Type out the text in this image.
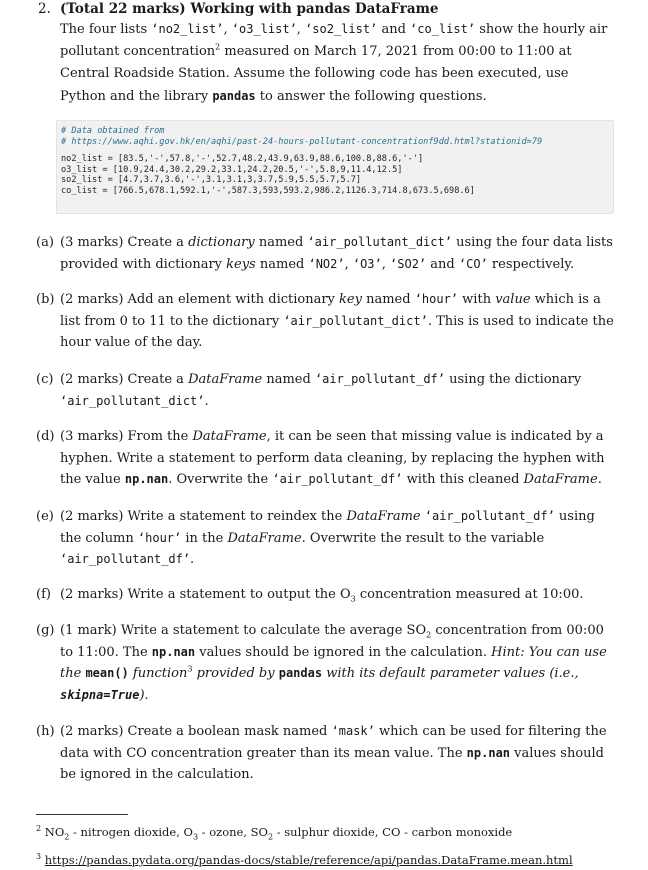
2. (Total 22 marks) Working with pandas DataFrame
The four lists ‘no2_list’, ‘o3_list’, ‘so2_list’ and ‘co_list’ show the hourly air pollutant concentration$^2$ measured on March 17, 2021 from 00:00 to 11:00 at Central Roadside Station. Assume the following code has been executed, use Python and the library pandas to answer the following questions.
# Data obtained from
# https://www.aqhi.gov.hk/en/aqhi/past-24-hours-pollutant-concentrationf9dd.html?stationid=79
no2_list = [83.5,'-',57.8,'-',52.7,48.2,43.9,63.9,88.6,100.8,88.6,'-']
o3_list = [10.9,24.4,30.2,29.2,33.1,24.2,20.5,'-',5.8,9,11.4,12.5]
so2_list = [4.7,3.7,3.6,'-',3.1,3.1,3,3.7,5.9,5.5,5.7,5.7]
co_list = [766.5,678.1,592.1,'-',587.3,593,593.2,986.2,1126.3,714.8,673.5,698.6]
(a) (3 marks) Create a dictionary named ‘air_pollutant_dict’ using the four data lists provided with dictionary keys named ‘NO2’, ‘O3’, ‘SO2’ and ‘CO’ respectively.
(b) (2 marks) Add an element with dictionary key named ‘hour’ with value which is a list from 0 to 11 to the dictionary ‘air_pollutant_dict’. This is used to indicate the hour value of the day.
(c) (2 marks) Create a DataFrame named ‘air_pollutant_df’ using the dictionary ‘air_pollutant_dict’.
(d) (3 marks) From the DataFrame, it can be seen that missing value is indicated by a hyphen. Write a statement to perform data cleaning, by replacing the hyphen with the value np.nan. Overwrite the ‘air_pollutant_df’ with this cleaned DataFrame.
(e) (2 marks) Write a statement to reindex the DataFrame ‘air_pollutant_df’ using the column ‘hour’ in the DataFrame. Overwrite the result to the variable ‘air_pollutant_df’.
(f) (2 marks) Write a statement to output the $O_3$ concentration measured at 10:00.
(g) (1 mark) Write a statement to calculate the average $SO_2$ concentration from 00:00 to 11:00. The np.nan values should be ignored in the calculation. Hint: You can use the mean() function$^3$ provided by pandas with its default parameter values (i.e., skipna=True).
(h) (2 marks) Create a boolean mask named ‘mask’ which can be used for filtering the data with CO concentration greater than its mean value. The np.nan values should be ignored in the calculation.
$^2$ $NO_2$ - nitrogen dioxide, $O_3$ - ozone, $SO_2$ - sulphur dioxide, CO - carbon monoxide
$^3$ https://pandas.pydata.org/pandas-docs/stable/reference/api/pandas.DataFrame.mean.html
